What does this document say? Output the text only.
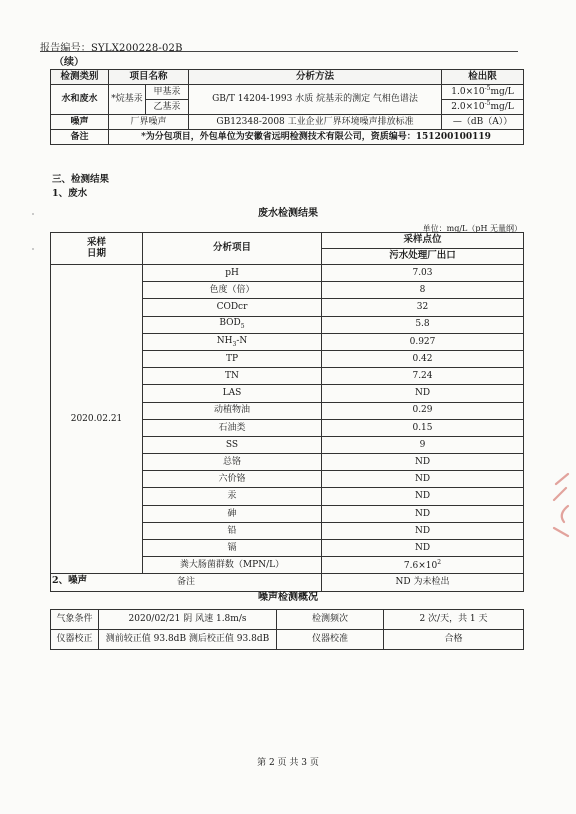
报告编号：SYLX200228-02B
（续）
检测类别	项目名称		分析方法	检出限
水和废水	*烷基汞	甲基汞	GB/T 14204-1993 水质 烷基汞的测定 气相色谱法	$1.0\times 10^{-5}mg/L$
		乙基汞		$2.0\times 10^{-5}mg/L$
噪声	厂界噪声		GB12348-2008 工业企业厂界环境噪声排放标准	—（dB（A））
备注	*为分包项目，外包单位为安徽省远明检测技术有限公司，资质编号：151200100119			
三、检测结果
1、废水
废水检测结果
单位：mg/L（pH 无量纲）
采样
日期	分析项目	采样点位
		污水处理厂出口
2020.02.21	pH	7.03
	色度（倍）	8
	CODcr	32
	$BOD_5$	5.8
	$NH_3-N$	0.927
	TP	0.42
	TN	7.24
	LAS	ND
	动植物油	0.29
	石油类	0.15
	SS	9
	总铬	ND
	六价铬	ND
	汞	ND
	砷	ND
	铅	ND
	镉	ND
	粪大肠菌群数（MPN/L）	$7.6\times 10^2$
备注		ND 为未检出
2、噪声
噪声检测概况
气象条件	2020/02/21 阴 风速 1.8m/s	检测频次	2 次/天，共 1 天
仪器校正	测前较正值 93.8dB 测后校正值 93.8dB	仪器校准	合格
第 2 页 共 3 页
